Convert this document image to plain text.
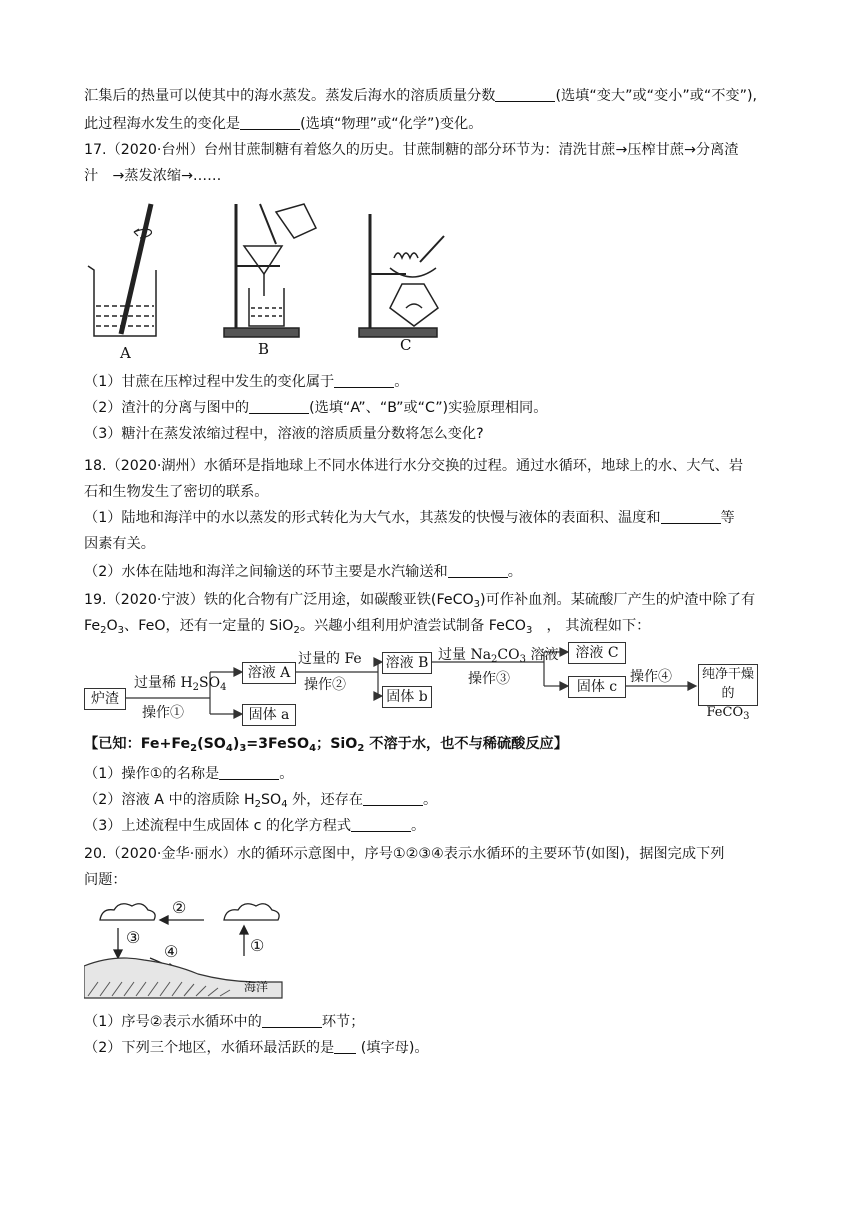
汇集后的热量可以使其中的海水蒸发。蒸发后海水的溶质质量分数	(选填“变大”或“变小”或“不变”),
此过程海水发生的变化是	(选填“物理”或“化学”)变化。
17.（2020·台州）台州甘蔗制糖有着悠久的历史。甘蔗制糖的部分环节为：清洗甘蔗→压榨甘蔗→分离渣
汁　→蒸发浓缩→……
A	B	C
（1）甘蔗在压榨过程中发生的变化属于	。
（2）渣汁的分离与图中的	(选填“A”、“B”或“C”)实验原理相同。
（3）糖汁在蒸发浓缩过程中，溶液的溶质质量分数将怎么变化?
18.（2020·湖州）水循环是指地球上不同水体进行水分交换的过程。通过水循环，地球上的水、大气、岩
石和生物发生了密切的联系。
（1）陆地和海洋中的水以蒸发的形式转化为大气水，其蒸发的快慢与液体的表面积、温度和	等
因素有关。
（2）水体在陆地和海洋之间输送的环节主要是水汽输送和	。
19.（2020·宁波）铁的化合物有广泛用途，如碳酸亚铁(FeCO$_3$)可作补血剂。某硫酸厂产生的炉渣中除了有
$Fe_2O_3$、FeO，还有一定量的 SiO$_2$。兴趣小组利用炉渣尝试制备 FeCO$_3$　， 其流程如下：
炉渣
过量稀 $H_2SO_4$
操作①
溶液 A
固体 a
过量的 Fe
操作②
溶液 B
固体 b
过量 $Na_2CO_3$ 溶液
操作③
溶液 C
固体 c
操作④ 纯净干燥的
FeCO$_3$
【已知：$Fe+Fe_2(SO_4)_3=3FeSO_4$；SiO$_2$ 不溶于水，也不与稀硫酸反应】
（1）操作①的名称是	。
（2）溶液 A 中的溶质除 $H_2SO_4$ 外，还存在	。
（3）上述流程中生成固体 c 的化学方程式	。
20.（2020·金华·丽水）水的循环示意图中，序号①②③④表示水循环的主要环节(如图)，据图完成下列
问题：
②
③
④	①
海洋
（1）序号②表示水循环中的	环节；
（2）下列三个地区，水循环最活跃的是 (填字母)。
